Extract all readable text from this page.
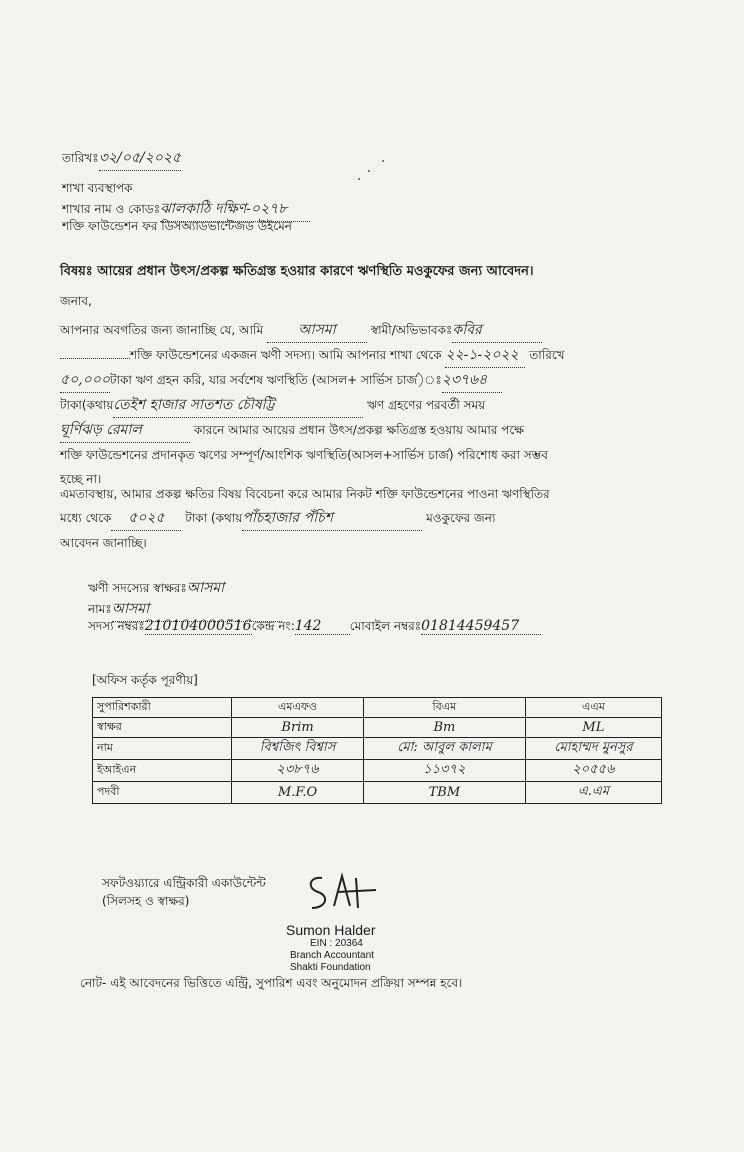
তারিখঃ৩২/০৫/২০২৫
শাখা ব্যবস্থাপক
শাখার নাম ও কোডঃঝালকাঠি দক্ষিণ-০২৭৮
শক্তি ফাউন্ডেশন ফর ডিসঅ্যাডভান্টেজড উইমেন
বিষয়ঃ আয়ের প্রধান উৎস/প্রকল্প ক্ষতিগ্রস্ত হওয়ার কারণে ঋণস্থিতি মওকুফের জন্য আবেদন।
জনাব,
আপনার অবগতির জন্য জানাচ্ছি যে, আমি	আসমা	স্বামী/অভিভাবকঃকবির
শক্তি ফাউন্ডেশনের একজন ঋণী সদস্য। আমি আপনার শাখা থেকে ২২-১-২০২২ তারিখে
৫০,০০০টাকা ঋণ গ্রহন করি, যার সর্বশেষ ঋণস্থিতি (আসল+ সার্ভিস চার্জ)ঃ২৩৭৬৪
টাকা(কথায়তেইশ হাজার সাতশত চৌষট্টি	ঋণ গ্রহণের পরবর্তী সময়
ঘূর্ণিঝড় রেমাল	কারনে আমার আয়ের প্রধান উৎস/প্রকল্প ক্ষতিগ্রস্ত হওয়ায় আমার পক্ষে
শক্তি ফাউন্ডেশনের প্রদানকৃত ঋণের সম্পূর্ণ/আংশিক ঋণস্থিতি(আসল+সার্ভিস চার্জ) পরিশোধ করা সম্ভব
হচ্ছে না।
এমতাবস্থায়, আমার প্রকল্প ক্ষতির বিষয় বিবেচনা করে আমার নিকট শক্তি ফাউন্ডেশনের পাওনা ঋণস্থিতির
মধ্যে থেকে ৫০২৫ টাকা (কথায়পাঁচহাজার পঁচিশ	মওকুফের জন্য
আবেদন জানাচ্ছি।
ঋণী সদস্যের স্বাক্ষরঃআসমা
নামঃআসমা
সদস্য নম্বরঃ210104000516কেন্দ্র নং:142 মোবাইল নম্বরঃ01814459457
[অফিস কর্তৃক পূরণীয়]
সুপারিশকারী	এমএফও	বিএম	এএম
স্বাক্ষর	Brim	Bm	ML
নাম	বিশ্বজিৎ বিশ্বাস	মো: আবুল কালাম	মোহাম্মদ মুনসুর
ইআইএন	২৩৮৭৬	১১৩৭২	২০৫৫৬
পদবী	M.F.O	TBM	এ.এম
সফটওয়্যারে এন্ট্রিকারী একাউন্টেন্ট
(সিলসহ ও স্বাক্ষর)
Sumon Halder
EIN : 20364
Branch Accountant
Shakti Foundation
নোট- এই আবেদনের ভিত্তিতে এন্ট্রি, সুপারিশ এবং অনুমোদন প্রক্রিয়া সম্পন্ন হবে।
